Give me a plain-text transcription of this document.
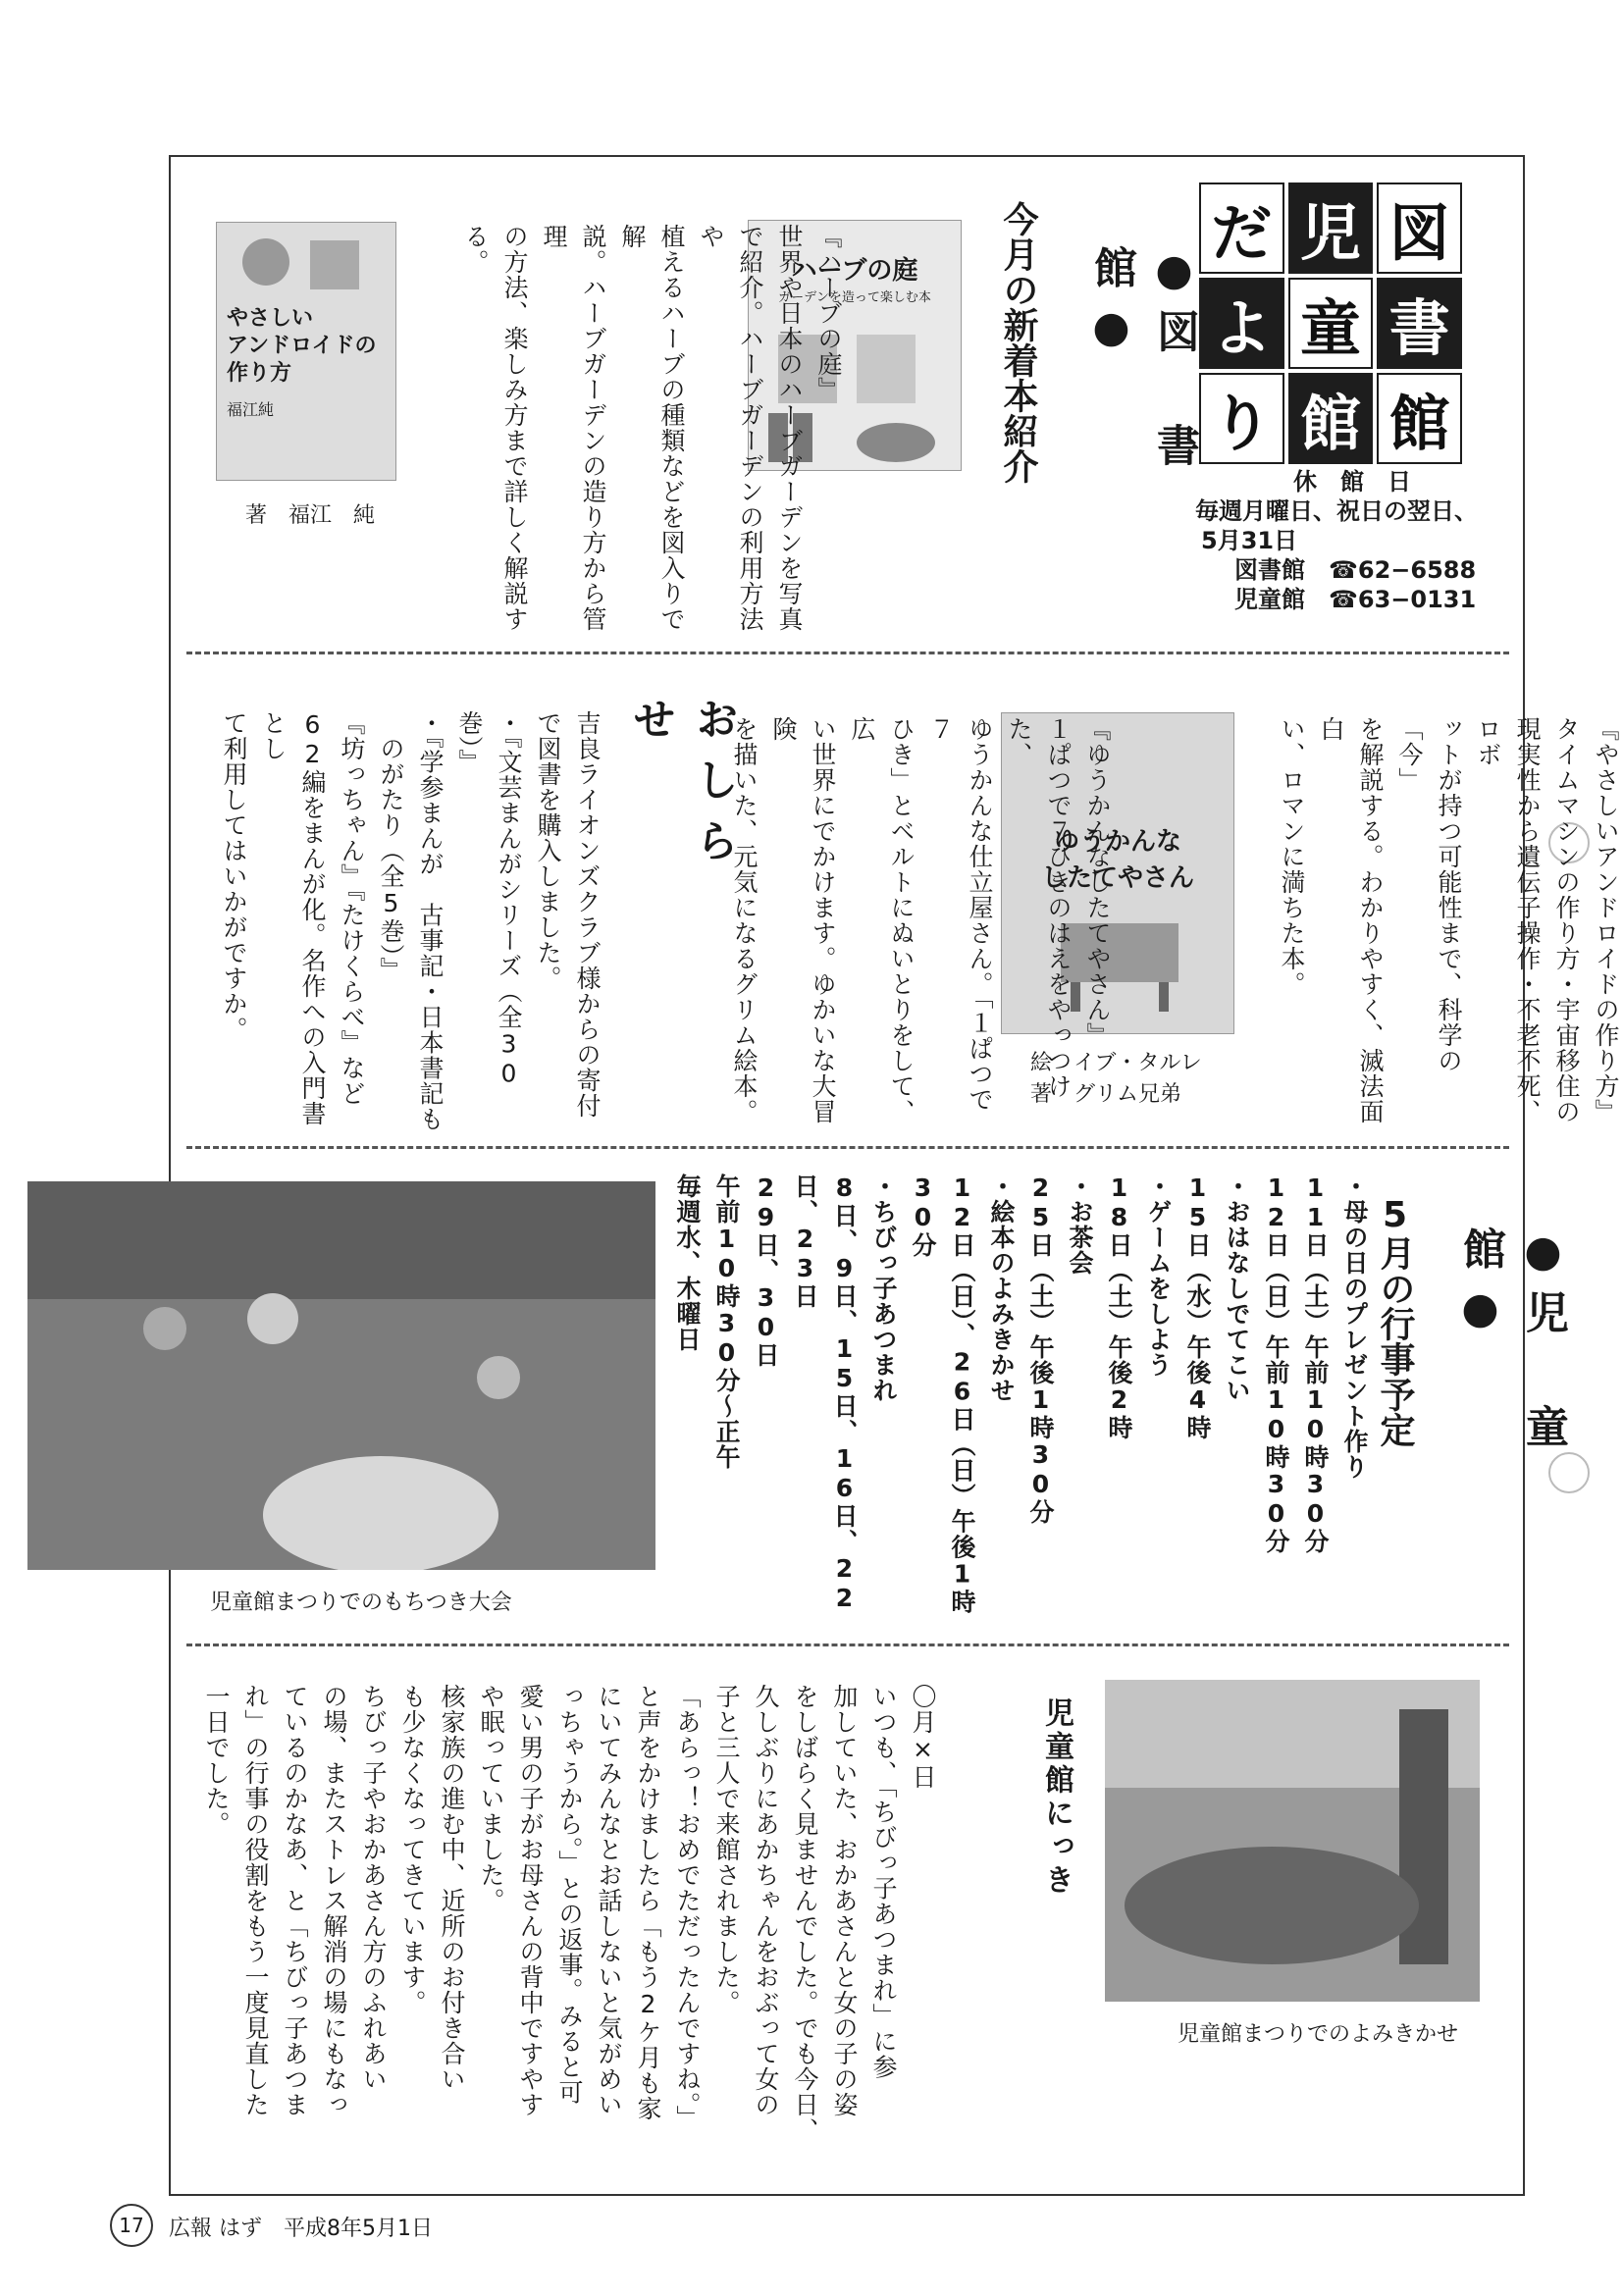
だ 児 図
よ 童 書
り 館 館
休　館　日
毎週月曜日、祝日の翌日、
5月31日
図書館　☎62−6588
児童館　☎63−0131

●図　書　館●

今月の新着本紹介

ハーブの庭
ガーデンを造って楽しむ本

『ハーブの庭』
世界や日本のハーブガーデンを写真
で紹介。ハーブガーデンの利用方法や
植えるハーブの種類などを図入りで解
説。ハーブガーデンの造り方から管理
の方法、楽しみ方まで詳しく解説する。

やさしい
アンドロイドの
作り方
福江純
著　福江　純

『やさしいアンドロイドの作り方』
タイムマシンの作り方・宇宙移住の
現実性から遺伝子操作・不老不死、ロボ
ットが持つ可能性まで、科学の「今」
を解説する。わかりやすく、滅法面白
い、ロマンに満ちた本。

ゆうかんな
したてやさん
絵　イブ・タルレ
著　グリム兄弟

『ゆうかんなしたてやさん』
１ぱつで７ひきのはえをやっつけた、
ゆうかんな仕立屋さん。「１ぱつで７
ひき」とベルトにぬいとりをして、広
い世界にでかけます。ゆかいな大冒険
を描いた、元気になるグリム絵本。

おしらせ

吉良ライオンズクラブ様からの寄付
で図書を購入しました。
・『文芸まんがシリーズ（全30巻）』
・『学参まんが　古事記・日本書記も
　のがたり（全5巻）』
『坊っちゃん』『たけくらべ』など
62編をまんが化。名作への入門書とし
て利用してはいかがですか。

●児　童　館●

5月の行事予定

・母の日のプレゼント作り
11日（土）午前10時30分
12日（日）午前10時30分
・おはなしでてこい
15日（水）午後4時
・ゲームをしよう
18日（土）午後2時
・お茶会
25日（土）午後1時30分
・絵本のよみきかせ
12日（日）、26日（日）午後1時30分
・ちびっ子あつまれ
8日、9日、15日、16日、22日、23日
29日、30日
午前10時30分〜正午
毎週水、木曜日

児童館まつりでのもちつき大会

児童館にっき

〇月×日
いつも、「ちびっ子あつまれ」に参
加していた、おかあさんと女の子の姿
をしばらく見ませんでした。でも今日、
久しぶりにあかちゃんをおぶって女の
子と三人で来館されました。
「あらっ！おめでただったんですね。」
と声をかけましたら「もう2ケ月も家
にいてみんなとお話しないと気がめい
っちゃうから。」との返事。みると可
愛い男の子がお母さんの背中ですやす
や眠っていました。
核家族の進む中、近所のお付き合い
も少なくなってきています。
ちびっ子やおかあさん方のふれあい
の場、またストレス解消の場にもなっ
ているのかなあ、と「ちびっ子あつま
れ」の行事の役割をもう一度見直した
一日でした。

児童館まつりでのよみきかせ
17	広報 はず　平成8年5月1日
